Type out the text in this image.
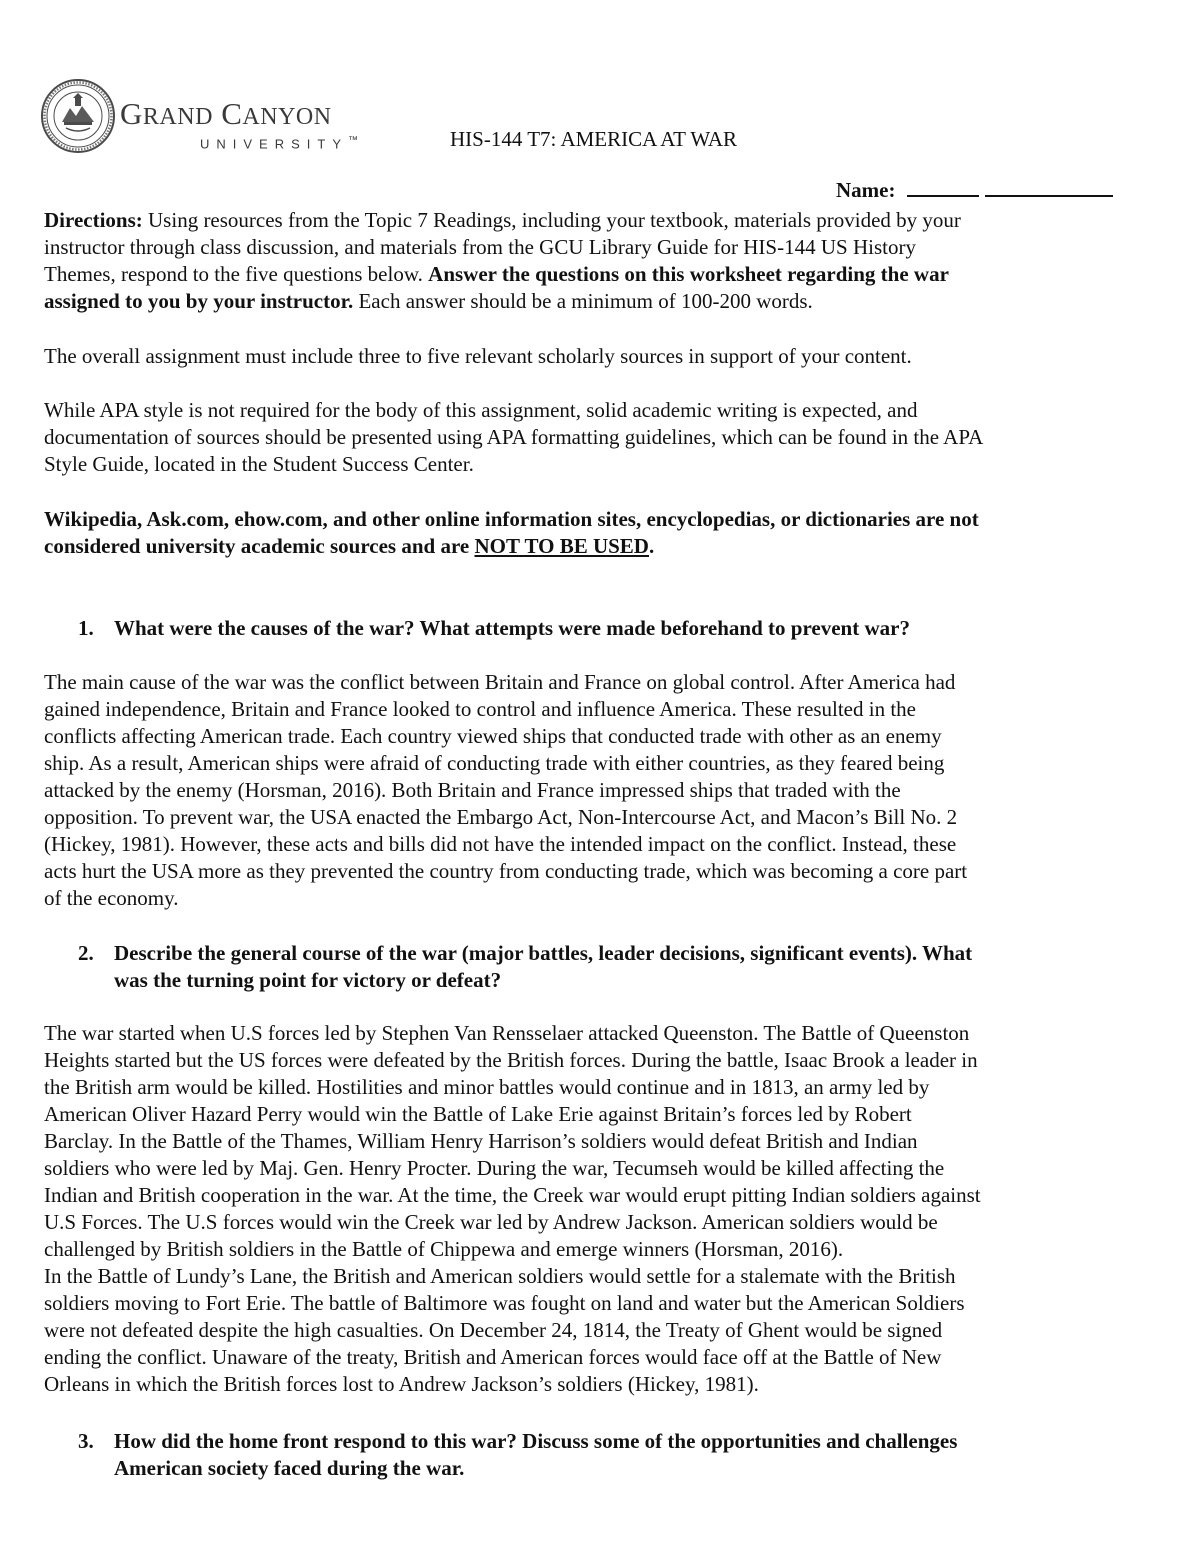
GRAND CANYON
UNIVERSITY™	HIS-144 T7: AMERICA AT WAR
Name:
Directions: Using resources from the Topic 7 Readings, including your textbook, materials provided by your
instructor through class discussion, and materials from the GCU Library Guide for HIS-144 US History
Themes, respond to the five questions below. Answer the questions on this worksheet regarding the war
assigned to you by your instructor. Each answer should be a minimum of 100-200 words.
The overall assignment must include three to five relevant scholarly sources in support of your content.
While APA style is not required for the body of this assignment, solid academic writing is expected, and
documentation of sources should be presented using APA formatting guidelines, which can be found in the APA
Style Guide, located in the Student Success Center.
Wikipedia, Ask.com, ehow.com, and other online information sites, encyclopedias, or dictionaries are not
considered university academic sources and are NOT TO BE USED.
1. What were the causes of the war? What attempts were made beforehand to prevent war?
The main cause of the war was the conflict between Britain and France on global control. After America had
gained independence, Britain and France looked to control and influence America. These resulted in the
conflicts affecting American trade. Each country viewed ships that conducted trade with other as an enemy
ship. As a result, American ships were afraid of conducting trade with either countries, as they feared being
attacked by the enemy (Horsman, 2016). Both Britain and France impressed ships that traded with the
opposition. To prevent war, the USA enacted the Embargo Act, Non-Intercourse Act, and Macon’s Bill No. 2
(Hickey, 1981). However, these acts and bills did not have the intended impact on the conflict. Instead, these
acts hurt the USA more as they prevented the country from conducting trade, which was becoming a core part
of the economy.
2. Describe the general course of the war (major battles, leader decisions, significant events). What
was the turning point for victory or defeat?
The war started when U.S forces led by Stephen Van Rensselaer attacked Queenston. The Battle of Queenston
Heights started but the US forces were defeated by the British forces. During the battle, Isaac Brook a leader in
the British arm would be killed. Hostilities and minor battles would continue and in 1813, an army led by
American Oliver Hazard Perry would win the Battle of Lake Erie against Britain’s forces led by Robert
Barclay. In the Battle of the Thames, William Henry Harrison’s soldiers would defeat British and Indian
soldiers who were led by Maj. Gen. Henry Procter. During the war, Tecumseh would be killed affecting the
Indian and British cooperation in the war. At the time, the Creek war would erupt pitting Indian soldiers against
U.S Forces. The U.S forces would win the Creek war led by Andrew Jackson. American soldiers would be
challenged by British soldiers in the Battle of Chippewa and emerge winners (Horsman, 2016).
In the Battle of Lundy’s Lane, the British and American soldiers would settle for a stalemate with the British
soldiers moving to Fort Erie. The battle of Baltimore was fought on land and water but the American Soldiers
were not defeated despite the high casualties. On December 24, 1814, the Treaty of Ghent would be signed
ending the conflict. Unaware of the treaty, British and American forces would face off at the Battle of New
Orleans in which the British forces lost to Andrew Jackson’s soldiers (Hickey, 1981).
3. How did the home front respond to this war? Discuss some of the opportunities and challenges
American society faced during the war.
